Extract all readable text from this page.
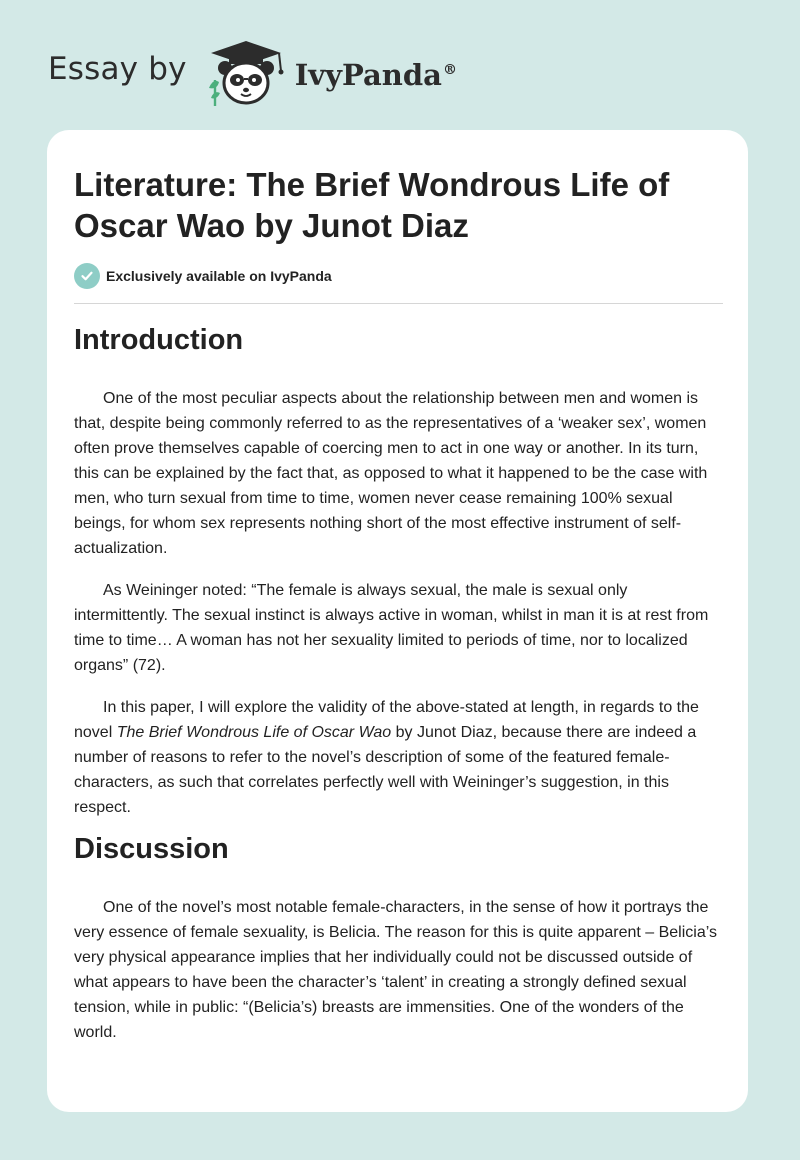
Essay by	IvyPanda®
Literature: The Brief Wondrous Life of Oscar Wao by Junot Diaz
Exclusively available on IvyPanda
Introduction

One of the most peculiar aspects about the relationship between men and women is that, despite being commonly referred to as the representatives of a ‘weaker sex’, women often prove themselves capable of coercing men to act in one way or another. In its turn, this can be explained by the fact that, as opposed to what it happened to be the case with men, who turn sexual from time to time, women never cease remaining 100% sexual beings, for whom sex represents nothing short of the most effective instrument of self-actualization.

As Weininger noted: “The female is always sexual, the male is sexual only intermittently. The sexual instinct is always active in woman, whilst in man it is at rest from time to time… A woman has not her sexuality limited to periods of time, nor to localized organs” (72).

In this paper, I will explore the validity of the above-stated at length, in regards to the novel The Brief Wondrous Life of Oscar Wao by Junot Diaz, because there are indeed a number of reasons to refer to the novel’s description of some of the featured female-characters, as such that correlates perfectly well with Weininger’s suggestion, in this respect.

Discussion

One of the novel’s most notable female-characters, in the sense of how it portrays the very essence of female sexuality, is Belicia. The reason for this is quite apparent – Belicia’s very physical appearance implies that her individually could not be discussed outside of what appears to have been the character’s ‘talent’ in creating a strongly defined sexual tension, while in public: “(Belicia’s) breasts are immensities. One of the wonders of the world.
